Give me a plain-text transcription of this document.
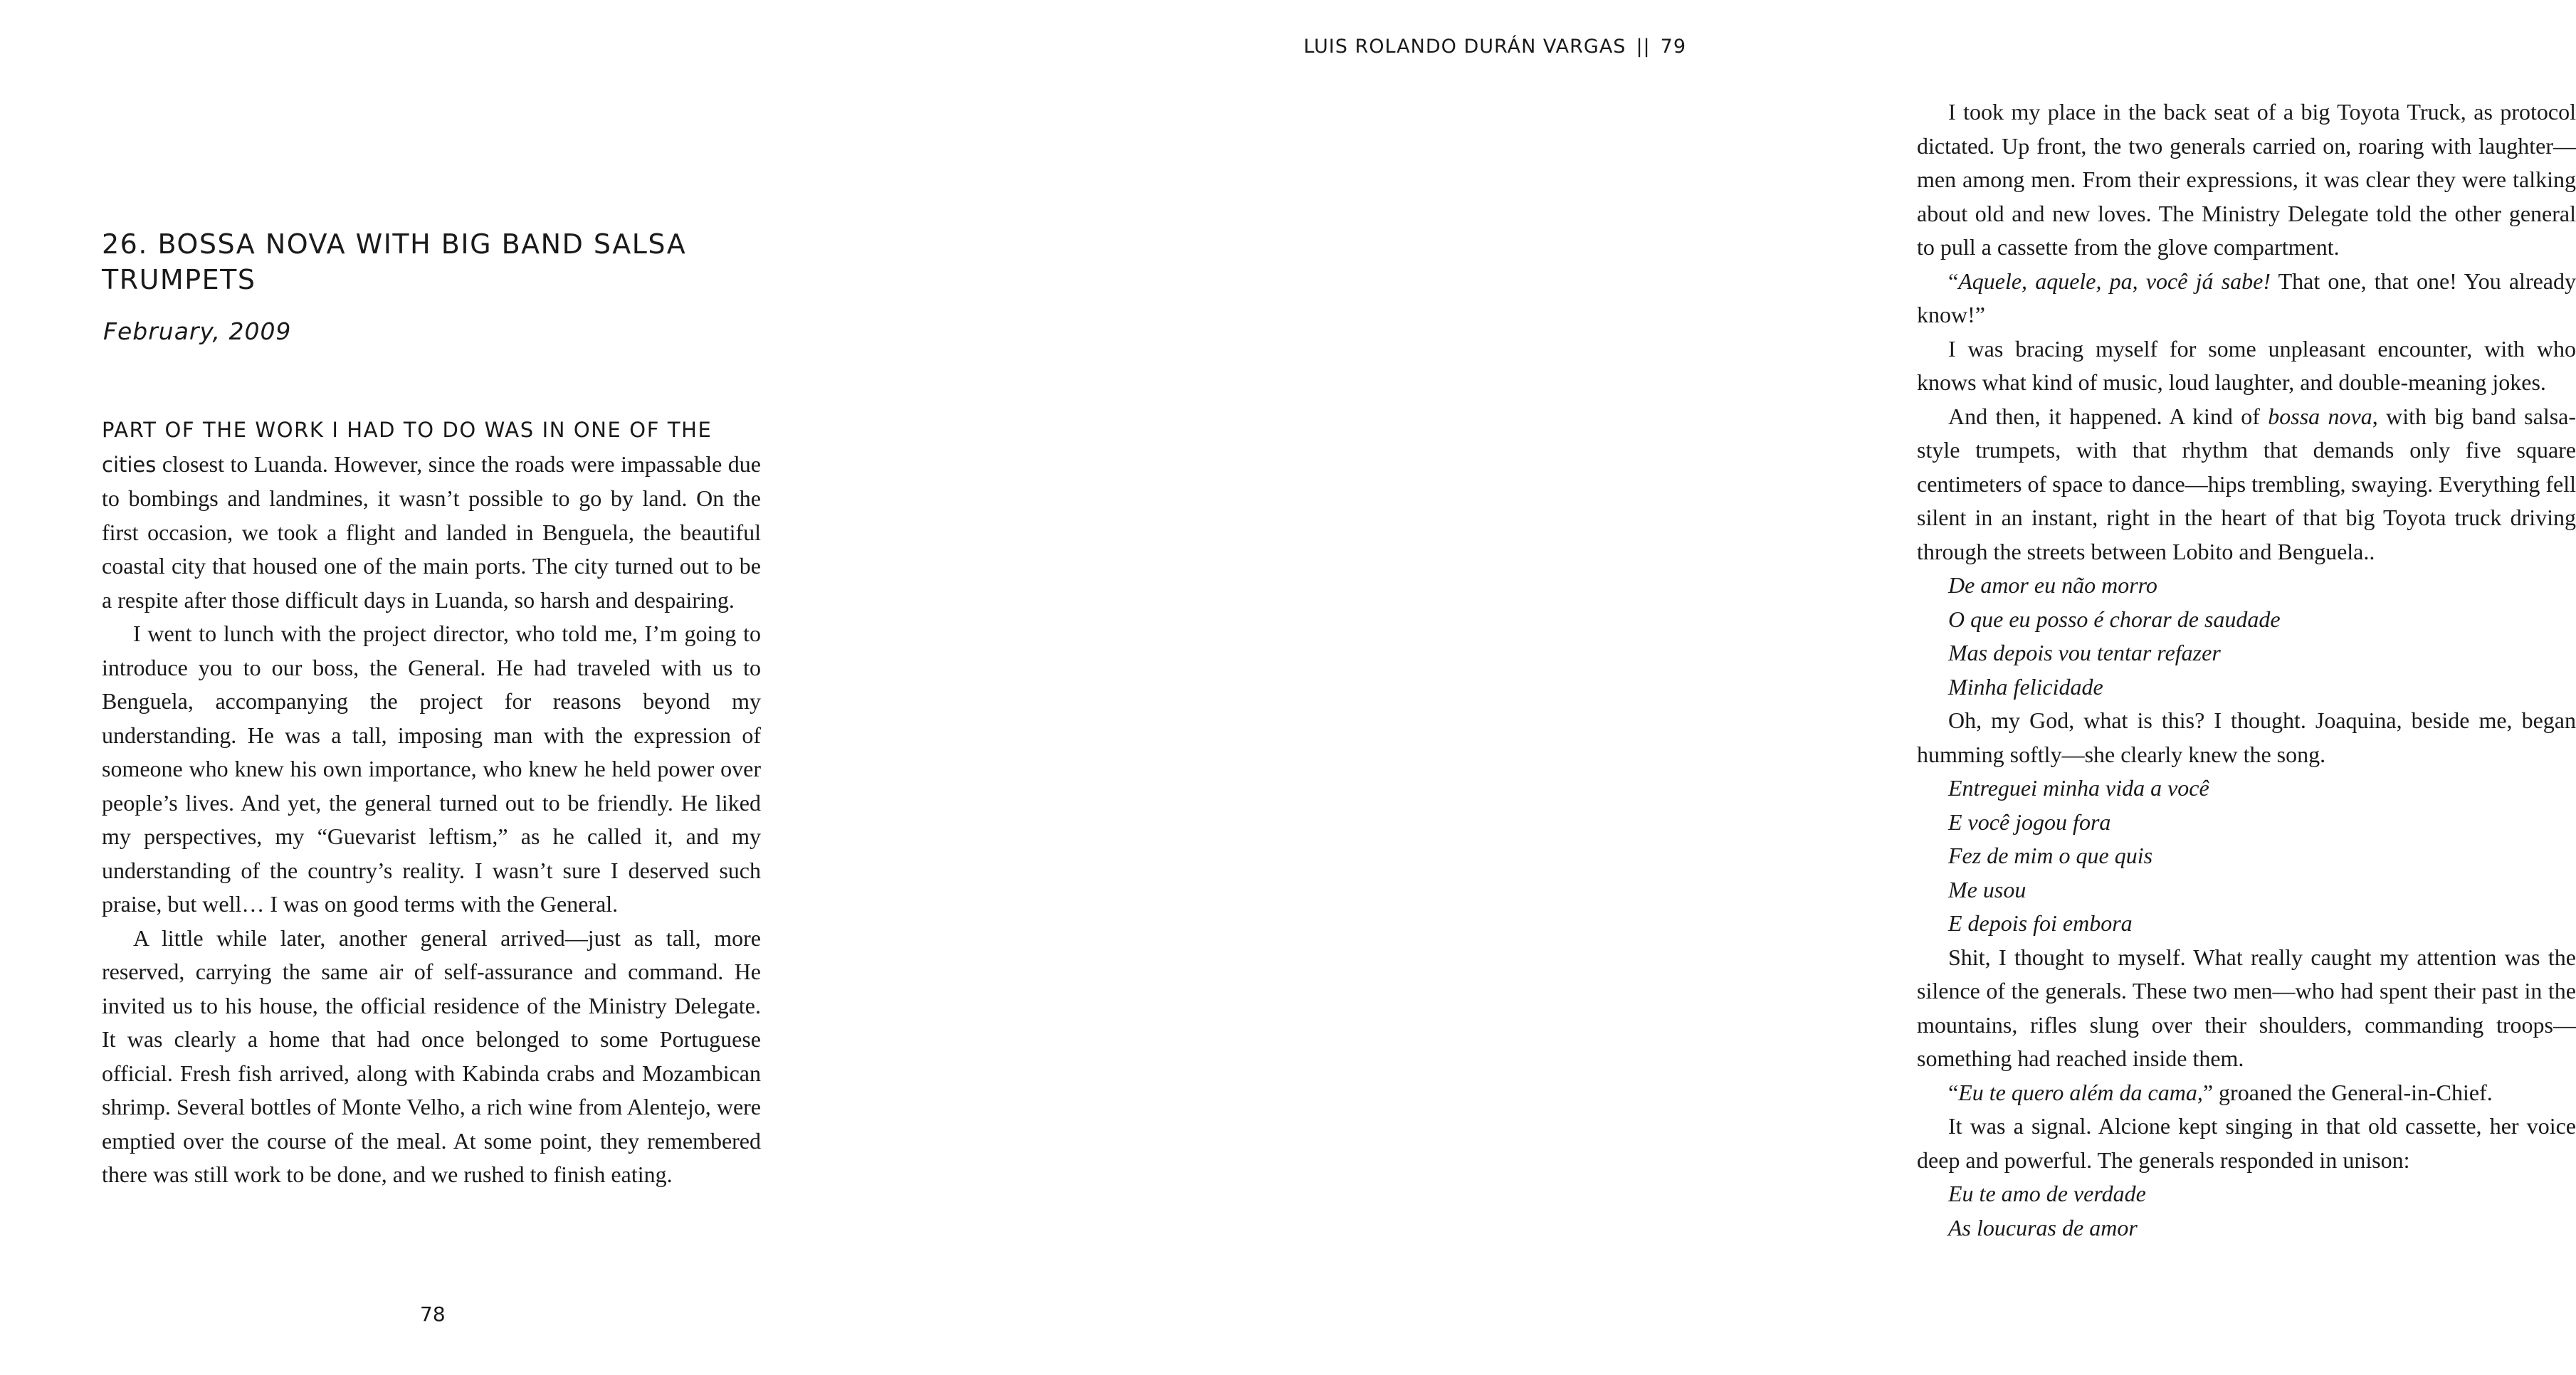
26. BOSSA NOVA WITH BIG BAND SALSA TRUMPETS
February, 2009

PART OF THE WORK I HAD TO DO WAS IN ONE OF THE
cities closest to Luanda. However, since the roads were impassable due to bombings and landmines, it wasn’t possible to go by land. On the first occasion, we took a flight and landed in Benguela, the beautiful coastal city that housed one of the main ports. The city turned out to be a respite after those difficult days in Luanda, so harsh and despairing.

I went to lunch with the project director, who told me, I’m going to introduce you to our boss, the General. He had traveled with us to Benguela, accompanying the project for reasons beyond my understanding. He was a tall, imposing man with the expression of someone who knew his own importance, who knew he held power over people’s lives. And yet, the general turned out to be friendly. He liked my perspectives, my “Guevarist leftism,” as he called it, and my understanding of the country’s reality. I wasn’t sure I deserved such praise, but well… I was on good terms with the General.

A little while later, another general arrived—just as tall, more reserved, carrying the same air of self-assurance and command. He invited us to his house, the official residence of the Ministry Delegate. It was clearly a home that had once belonged to some Portuguese official. Fresh fish arrived, along with Kabinda crabs and Mozambican shrimp. Several bottles of Monte Velho, a rich wine from Alentejo, were emptied over the course of the meal. At some point, they remembered there was still work to be done, and we rushed to finish eating.

78
LUIS ROLANDO DURÁN VARGAS || 79

I took my place in the back seat of a big Toyota Truck, as protocol dictated. Up front, the two generals carried on, roaring with laughter—men among men. From their expressions, it was clear they were talking about old and new loves. The Ministry Delegate told the other general to pull a cassette from the glove compartment.

“Aquele, aquele, pa, você já sabe! That one, that one! You already know!”

I was bracing myself for some unpleasant encounter, with who knows what kind of music, loud laughter, and double-meaning jokes.

And then, it happened. A kind of bossa nova, with big band salsa-style trumpets, with that rhythm that demands only five square centimeters of space to dance—hips trembling, swaying. Everything fell silent in an instant, right in the heart of that big Toyota truck driving through the streets between Lobito and Benguela..

De amor eu não morro

O que eu posso é chorar de saudade

Mas depois vou tentar refazer

Minha felicidade

Oh, my God, what is this? I thought. Joaquina, beside me, began humming softly—she clearly knew the song.

Entreguei minha vida a você

E você jogou fora

Fez de mim o que quis

Me usou

E depois foi embora

Shit, I thought to myself. What really caught my attention was the silence of the generals. These two men—who had spent their past in the mountains, rifles slung over their shoulders, commanding troops—something had reached inside them.

“Eu te quero além da cama,” groaned the General-in-Chief.

It was a signal. Alcione kept singing in that old cassette, her voice deep and powerful. The generals responded in unison:

Eu te amo de verdade

As loucuras de amor
